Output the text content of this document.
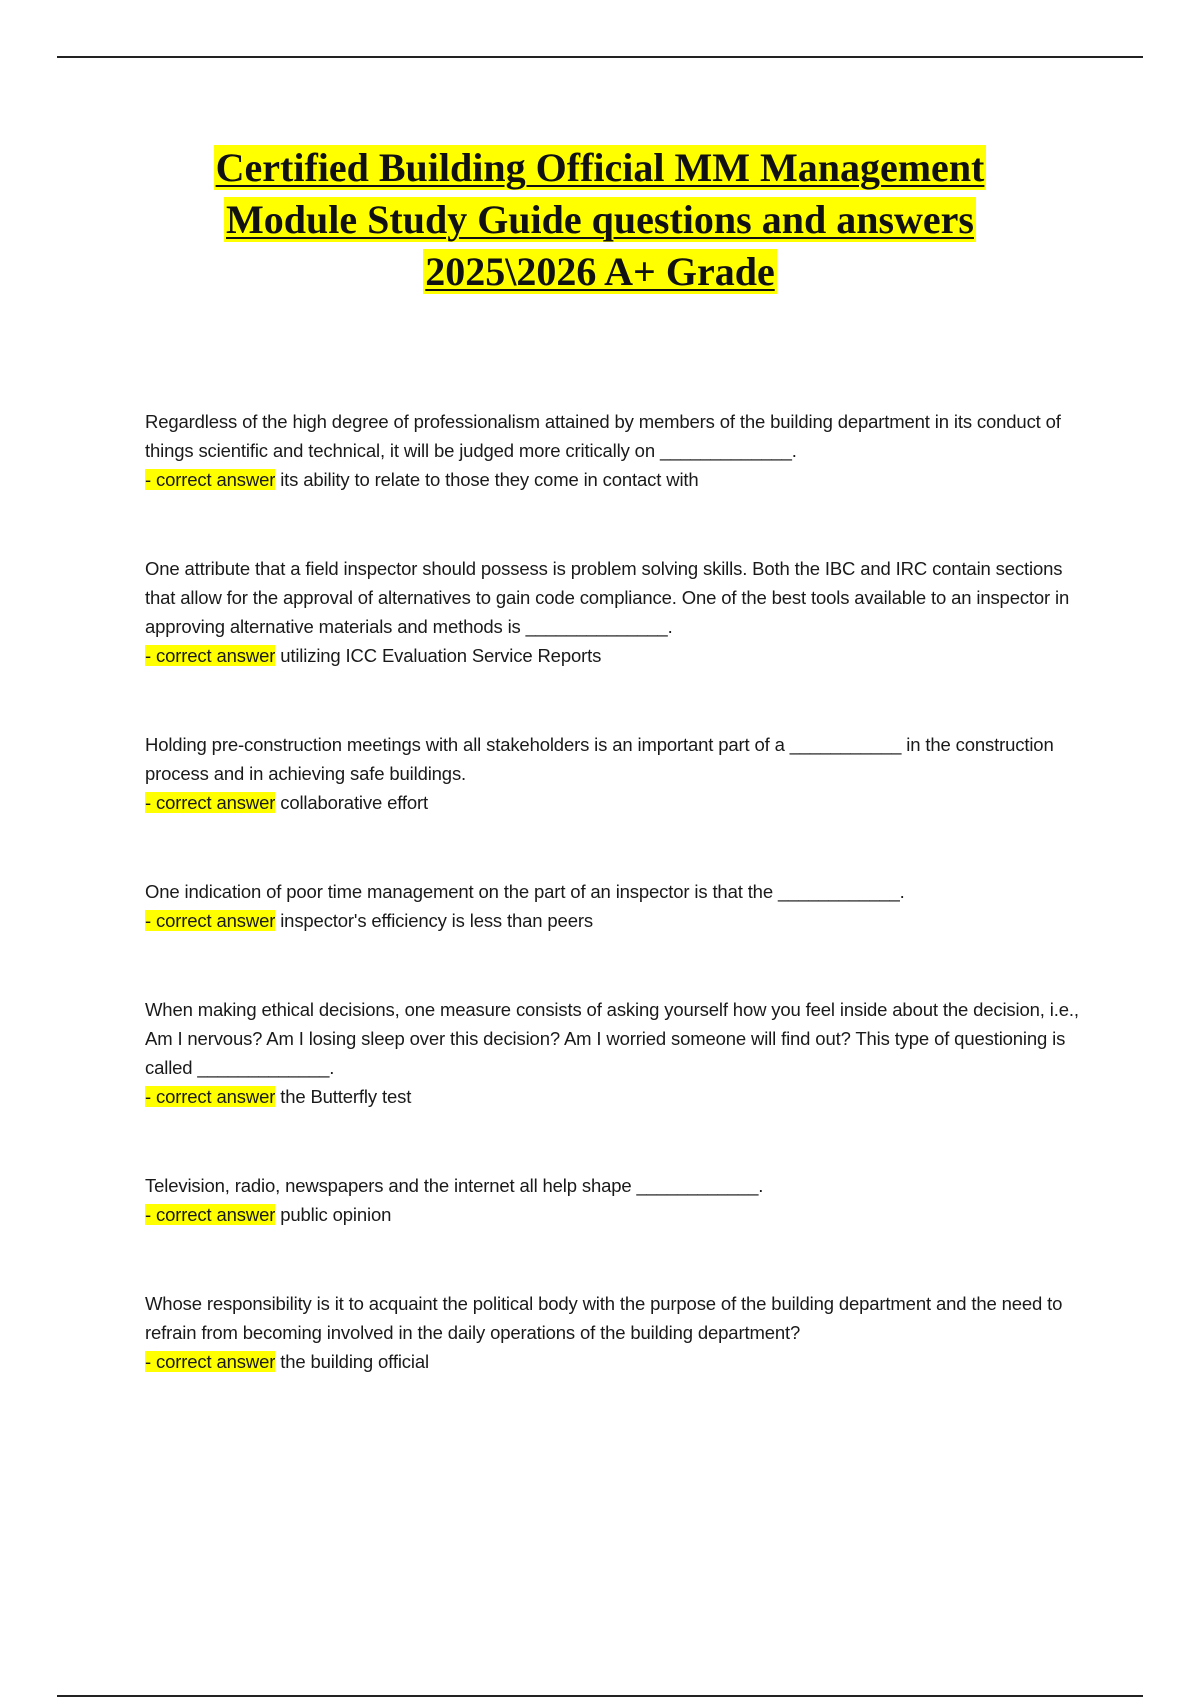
Certified Building Official MM Management
Module Study Guide questions and answers
2025\2026 A+ Grade

Regardless of the high degree of professionalism attained by members of the building department in its conduct of things scientific and technical, it will be judged more critically on _____________.

- correct answer its ability to relate to those they come in contact with

One attribute that a field inspector should possess is problem solving skills. Both the IBC and IRC contain sections that allow for the approval of alternatives to gain code compliance. One of the best tools available to an inspector in approving alternative materials and methods is ______________.

- correct answer utilizing ICC Evaluation Service Reports

Holding pre-construction meetings with all stakeholders is an important part of a ___________ in the construction process and in achieving safe buildings.

- correct answer collaborative effort

One indication of poor time management on the part of an inspector is that the ____________.

- correct answer inspector's efficiency is less than peers

When making ethical decisions, one measure consists of asking yourself how you feel inside about the decision, i.e., Am I nervous? Am I losing sleep over this decision? Am I worried someone will find out? This type of questioning is called _____________.

- correct answer the Butterfly test

Television, radio, newspapers and the internet all help shape ____________.

- correct answer public opinion

Whose responsibility is it to acquaint the political body with the purpose of the building department and the need to refrain from becoming involved in the daily operations of the building department?

- correct answer the building official
